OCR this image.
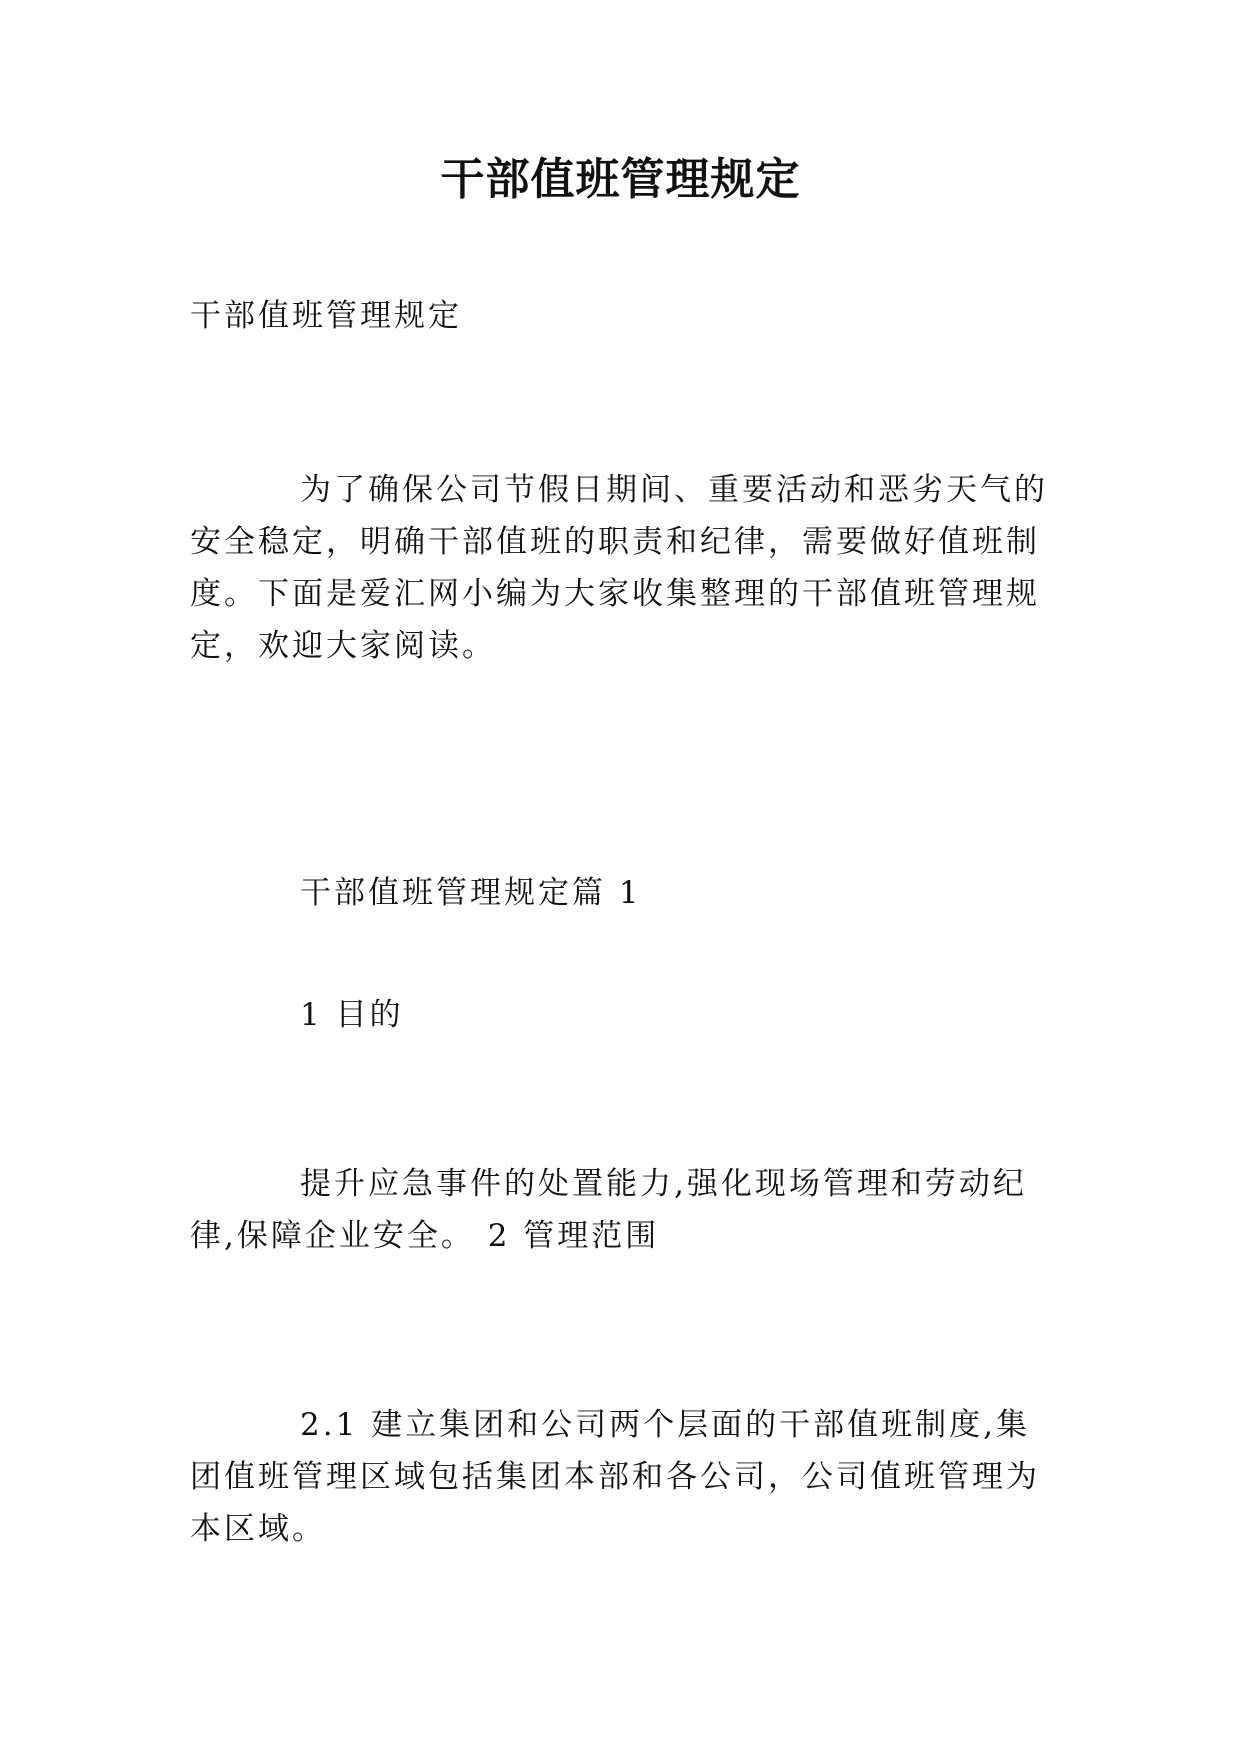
干部值班管理规定

干部值班管理规定

为了确保公司节假日期间、重要活动和恶劣天气的安全稳定，明确干部值班的职责和纪律，需要做好值班制度。下面是爱汇网小编为大家收集整理的干部值班管理规定，欢迎大家阅读。

干部值班管理规定篇 1

1 目的

提升应急事件的处置能力,强化现场管理和劳动纪律,保障企业安全。 2 管理范围

2.1 建立集团和公司两个层面的干部值班制度,集团值班管理区域包括集团本部和各公司，公司值班管理为本区域。
